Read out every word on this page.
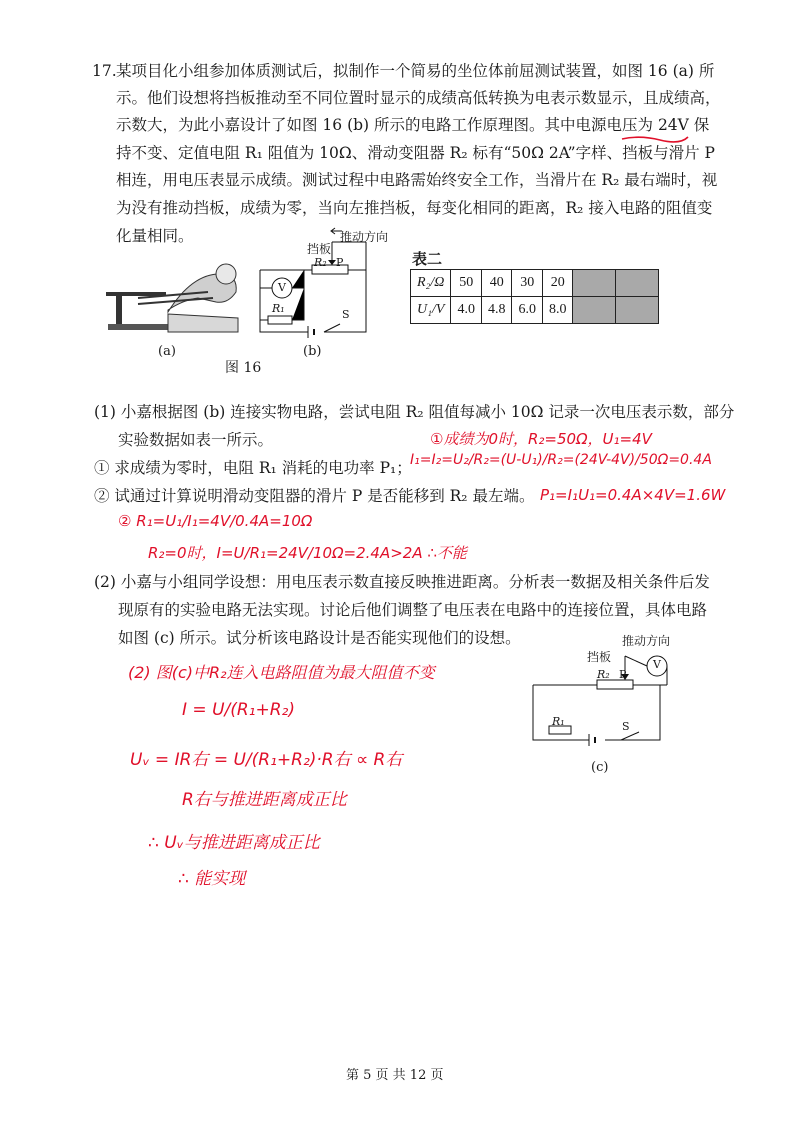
17. 某项目化小组参加体质测试后，拟制作一个简易的坐位体前屈测试装置，如图 16 (a) 所
示。他们设想将挡板推动至不同位置时显示的成绩高低转换为电表示数显示，且成绩高，
示数大，为此小嘉设计了如图 16 (b) 所示的电路工作原理图。其中电源电压为 24V 保
持不变、定值电阻 R₁ 阻值为 10Ω、滑动变阻器 R₂ 标有“50Ω 2A”字样、挡板与滑片 P
相连，用电压表显示成绩。测试过程中电路需始终安全工作，当滑片在 R₂ 最右端时，视
为没有推动挡板，成绩为零，当向左推挡板，每变化相同的距离，R₂ 接入电路的阻值变
化量相同。
(a)
图 16
推动方向
挡板
R₂ P
V
R₁	S
(b)
表二
R₂/Ω	50	40	30	20		
U₁/V	4.0	4.8	6.0	8.0		
(1) 小嘉根据图 (b) 连接实物电路，尝试电阻 R₂ 阻值每减小 10Ω 记录一次电压表示数，部分
实验数据如表一所示。
① 求成绩为零时，电阻 R₁ 消耗的电功率 P₁；
② 试通过计算说明滑动变阻器的滑片 P 是否能移到 R₂ 最左端。
①成绩为0时，R₂=50Ω，U₁=4V
I₁=I₂=U₂/R₂=(U-U₁)/R₂=(24V-4V)/50Ω=0.4A
P₁=I₁U₁=0.4A×4V=1.6W
② R₁=U₁/I₁=4V/0.4A=10Ω
R₂=0时，I=U/R₁=24V/10Ω=2.4A>2A ∴不能
(2) 小嘉与小组同学设想：用电压表示数直接反映推进距离。分析表一数据及相关条件后发
现原有的实验电路无法实现。讨论后他们调整了电压表在电路中的连接位置，具体电路
如图 (c) 所示。试分析该电路设计是否能实现他们的设想。	推动方向
挡板
R₂ P
V
R₁	S
(c)
(2) 图(c)中R₂连入电路阻值为最大阻值不变
I = U/(R₁+R₂)
Uᵥ = IR右 = U/(R₁+R₂)·R右 ∝ R右
R右与推进距离成正比
∴ Uᵥ与推进距离成正比
∴ 能实现
第 5 页 共 12 页
